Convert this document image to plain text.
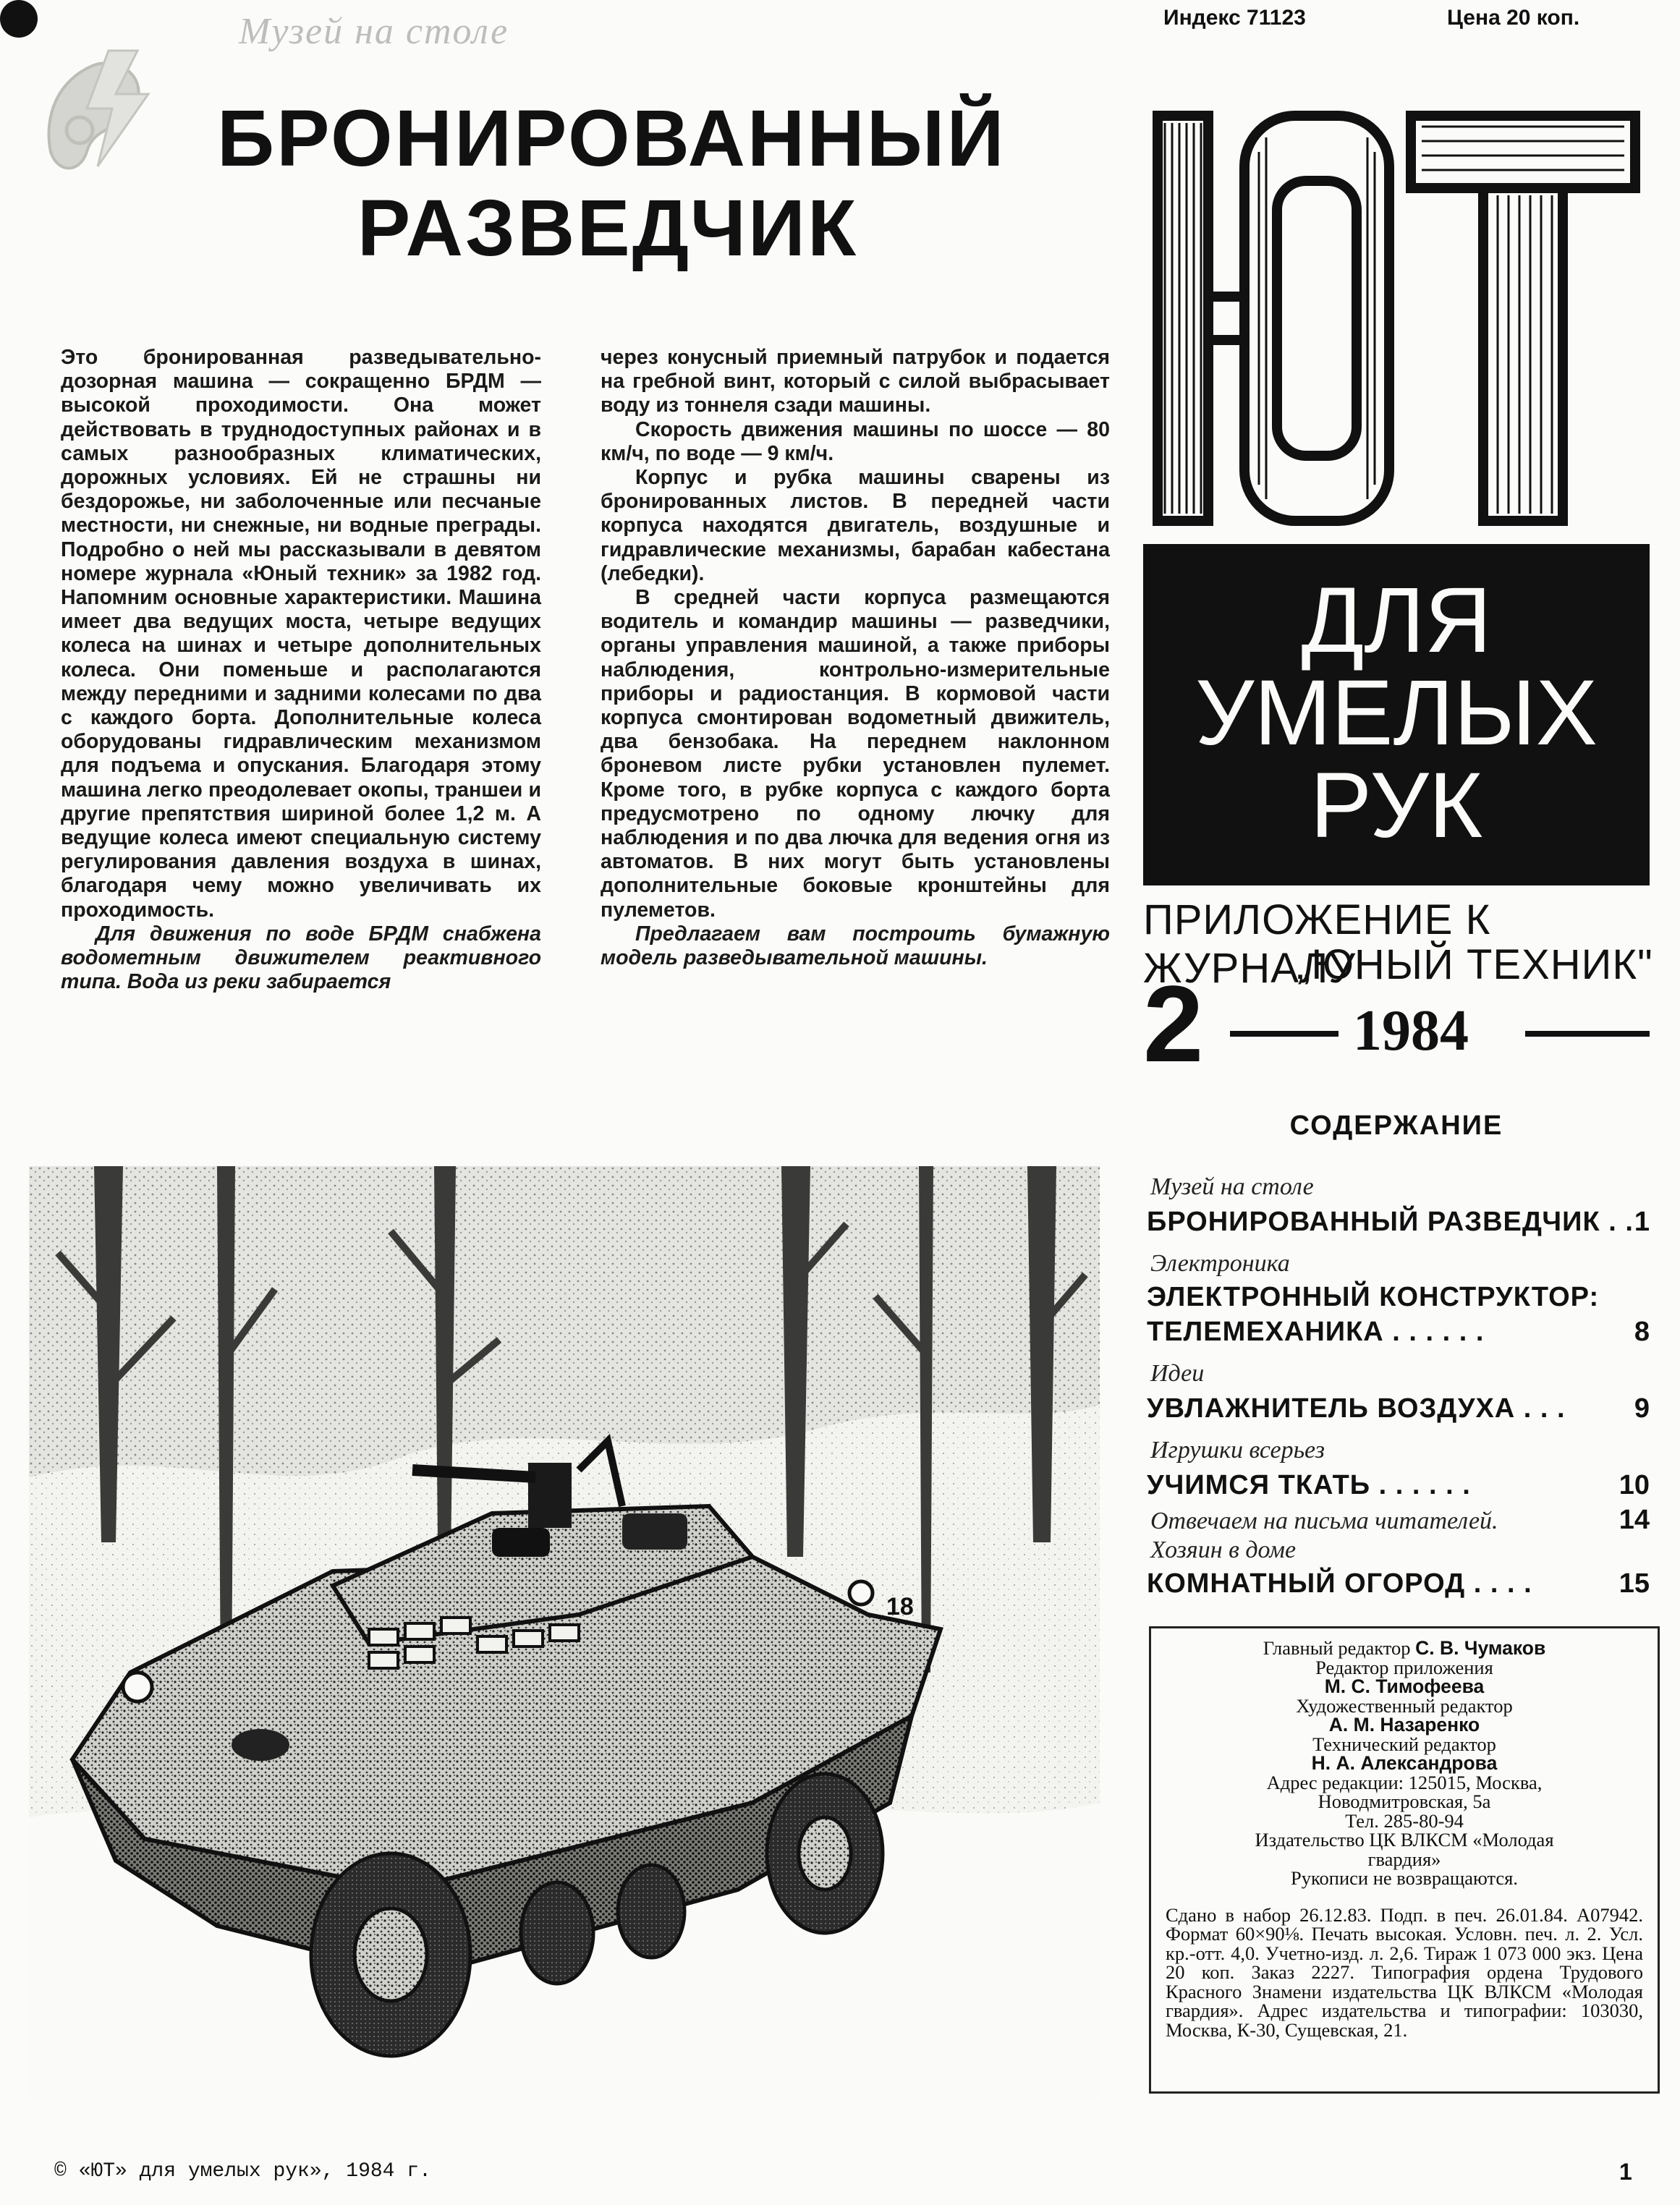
Музей на столе	Индекс 71123	Цена 20 коп.
БРОНИРОВАННЫЙ
РАЗВЕДЧИК

Это бронированная разведывательно-дозорная машина — сокращенно БРДМ — высокой проходимости. Она может действовать в труднодоступных районах и в самых разнообразных климатических, дорожных условиях. Ей не страшны ни бездорожье, ни заболоченные или песчаные местности, ни снежные, ни водные преграды. Подробно о ней мы рассказывали в девятом номере журнала «Юный техник» за 1982 год. Напомним основные характеристики. Машина имеет два ведущих моста, четыре ведущих колеса на шинах и четыре дополнительных колеса. Они поменьше и располагаются между передними и задними колесами по два с каждого борта. Дополнительные колеса оборудованы гидравлическим механизмом для подъема и опускания. Благодаря этому машина легко преодолевает окопы, траншеи и другие препятствия шириной более 1,2 м. А ведущие колеса имеют специальную систему регулирования давления воздуха в шинах, благодаря чему можно увеличивать их проходимость.

Для движения по воде БРДМ снабжена водометным движителем реактивного типа. Вода из реки забирается

через конусный приемный патрубок и подается на гребной винт, который с силой выбрасывает воду из тоннеля сзади машины.

Скорость движения машины по шоссе — 80 км/ч, по воде — 9 км/ч.

Корпус и рубка машины сварены из бронированных листов. В передней части корпуса находятся двигатель, воздушные и гидравлические механизмы, барабан кабестана (лебедки).

В средней части корпуса размещаются водитель и командир машины — разведчики, органы управления машиной, а также приборы наблюдения, контрольно-измерительные приборы и радиостанция. В кормовой части корпуса смонтирован водометный движитель, два бензобака. На переднем наклонном броневом листе рубки установлен пулемет. Кроме того, в рубке корпуса с каждого борта предусмотрено по одному лючку для наблюдения и по два лючка для ведения огня из автоматов. В них могут быть установлены дополнительные боковые кронштейны для пулеметов.

Предлагаем вам построить бумажную модель разведывательной машины.

ДЛЯ
УМЕЛЫХ
РУК
ПРИЛОЖЕНИЕ К ЖУРНАЛУ
„ЮНЫЙ ТЕХНИК"
2	1984
СОДЕРЖАНИЕ
Музей на столе
БРОНИРОВАННЫЙ РАЗВЕДЧИК . . 1
Электроника
ЭЛЕКТРОННЫЙ КОНСТРУКТОР:
ТЕЛЕМЕХАНИКА . . . . . .	8
Идеи
УВЛАЖНИТЕЛЬ ВОЗДУХА . . .	9
Игрушки всерьез
УЧИМСЯ ТКАТЬ . . . . . .	10
Отвечаем на письма читателей.	14
Хозяин в доме
КОМНАТНЫЙ ОГОРОД . . . .	15
Главный редактор С. В. Чумаков
Редактор приложения
М. С. Тимофеева
Художественный редактор
А. М. Назаренко
Технический редактор
Н. А. Александрова
Адрес редакции: 125015, Москва,
Новодмитровская, 5а
Тел. 285-80-94
Издательство ЦК ВЛКСМ «Молодая
гвардия»
Рукописи не возвращаются.
Сдано в набор 26.12.83. Подп. в печ. 26.01.84. А07942. Формат 60×90⅛. Печать высокая. Условн. печ. л. 2. Усл. кр.-отт. 4,0. Учетно-изд. л. 2,6. Тираж 1 073 000 экз. Цена 20 коп. Заказ 2227. Типография ордена Трудового Красного Знамени издательства ЦК ВЛКСМ «Молодая гвардия». Адрес издательства и типографии: 103030, Москва, К-30, Сущевская, 21.
18
© «ЮТ» для умелых рук», 1984 г.	1
